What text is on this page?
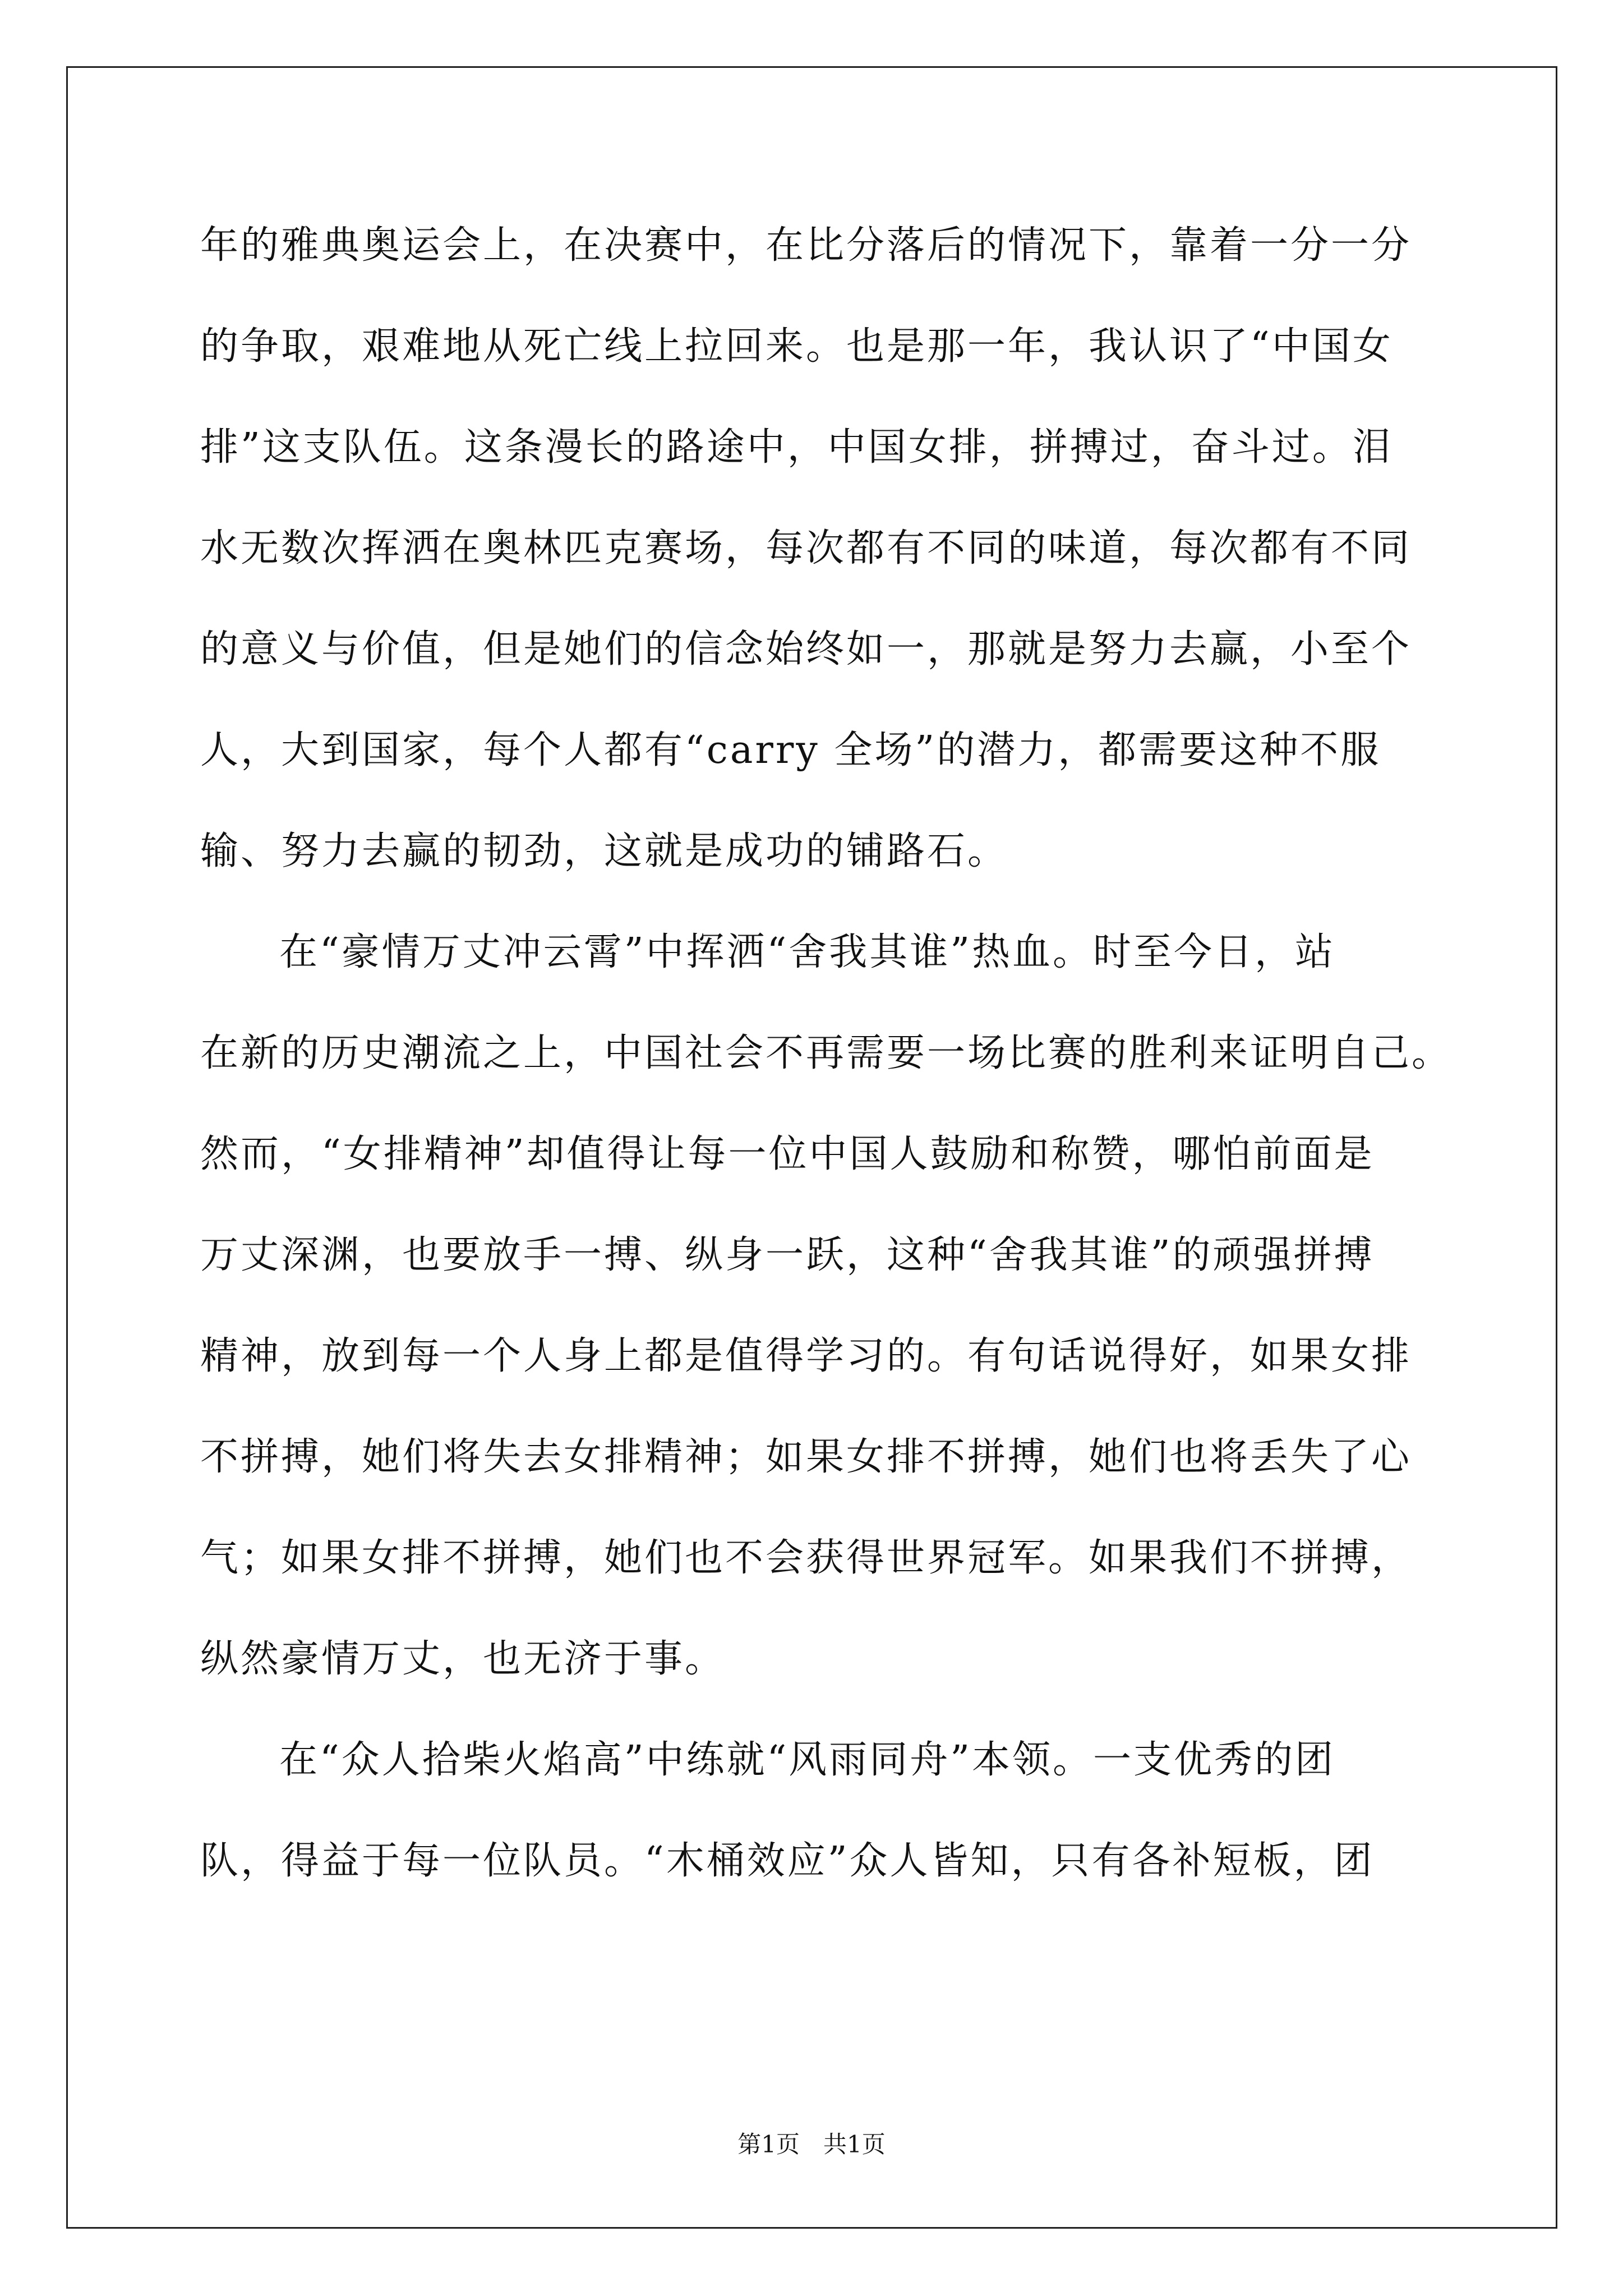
年的雅典奥运会上，在决赛中，在比分落后的情况下，靠着一分一分

的争取，艰难地从死亡线上拉回来。也是那一年，我认识了“中国女

排”这支队伍。这条漫长的路途中，中国女排，拼搏过，奋斗过。泪

水无数次挥洒在奥林匹克赛场，每次都有不同的味道，每次都有不同

的意义与价值，但是她们的信念始终如一，那就是努力去赢，小至个

人，大到国家，每个人都有“carry 全场”的潜力，都需要这种不服

输、努力去赢的韧劲，这就是成功的铺路石。

在“豪情万丈冲云霄”中挥洒“舍我其谁”热血。时至今日，站

在新的历史潮流之上，中国社会不再需要一场比赛的胜利来证明自己。

然而，“女排精神”却值得让每一位中国人鼓励和称赞，哪怕前面是

万丈深渊，也要放手一搏、纵身一跃，这种“舍我其谁”的顽强拼搏

精神，放到每一个人身上都是值得学习的。有句话说得好，如果女排

不拼搏，她们将失去女排精神；如果女排不拼搏，她们也将丢失了心

气；如果女排不拼搏，她们也不会获得世界冠军。如果我们不拼搏，

纵然豪情万丈，也无济于事。

在“众人拾柴火焰高”中练就“风雨同舟”本领。一支优秀的团

队，得益于每一位队员。“木桶效应”众人皆知，只有各补短板，团

第1页　共1页
